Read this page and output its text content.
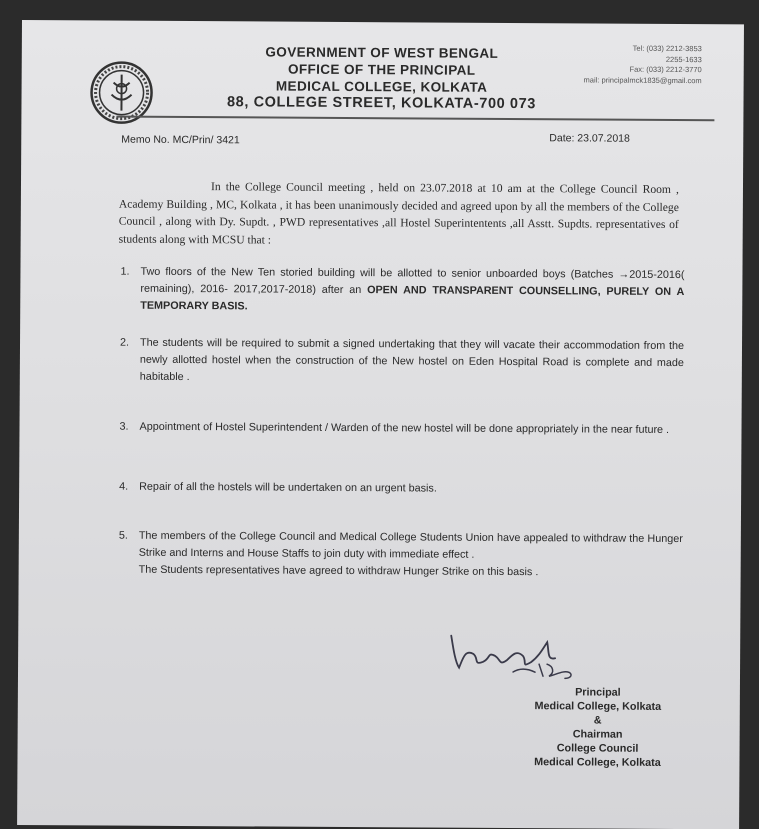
GOVERNMENT OF WEST BENGAL
OFFICE OF THE PRINCIPAL
MEDICAL COLLEGE, KOLKATA
88, COLLEGE STREET, KOLKATA-700 073
Tel: (033) 2212-3853
2255-1633
Fax: (033) 2212-3770
mail: principalmck1835@gmail.com
Memo No. MC/Prin/ 3421	Date: 23.07.2018
In the College Council meeting , held on 23.07.2018 at 10 am at the College Council Room , Academy Building , MC, Kolkata , it has been unanimously decided and agreed upon by all the members of the College Council , along with Dy. Supdt. , PWD representatives ,all Hostel Superintentents ,all Asstt. Supdts. representatives of students along with MCSU that :
1. Two floors of the New Ten storied building will be allotted to senior unboarded boys (Batches →2015-2016( remaining), 2016- 2017,2017-2018) after an OPEN AND TRANSPARENT COUNSELLING, PURELY ON A TEMPORARY BASIS.
2. The students will be required to submit a signed undertaking that they will vacate their accommodation from the newly allotted hostel when the construction of the New hostel on Eden Hospital Road is complete and made habitable .
3. Appointment of Hostel Superintendent / Warden of the new hostel will be done appropriately in the near future .
4. Repair of all the hostels will be undertaken on an urgent basis.
5. The members of the College Council and Medical College Students Union have appealed to withdraw the Hunger Strike and Interns and House Staffs to join duty with immediate effect .
The Students representatives have agreed to withdraw Hunger Strike on this basis .
Principal
Medical College, Kolkata
&
Chairman
College Council
Medical College, Kolkata
